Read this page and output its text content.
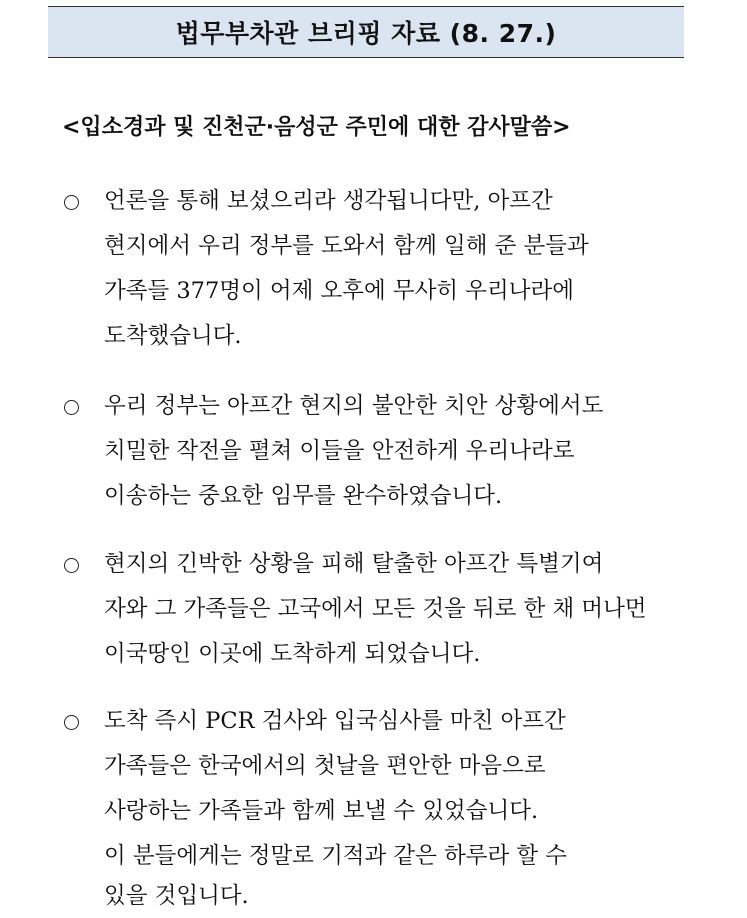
법무부차관 브리핑 자료 (8. 27.)
<입소경과 및 진천군·음성군 주민에 대한 감사말씀>
언론을 통해 보셨으리라 생각됩니다만, 아프간
현지에서 우리 정부를 도와서 함께 일해 준 분들과
가족들 377명이 어제 오후에 무사히 우리나라에
도착했습니다.
우리 정부는 아프간 현지의 불안한 치안 상황에서도
치밀한 작전을 펼쳐 이들을 안전하게 우리나라로
이송하는 중요한 임무를 완수하였습니다.
현지의 긴박한 상황을 피해 탈출한 아프간 특별기여
자와 그 가족들은 고국에서 모든 것을 뒤로 한 채 머나먼
이국땅인 이곳에 도착하게 되었습니다.
도착 즉시 PCR 검사와 입국심사를 마친 아프간
가족들은 한국에서의 첫날을 편안한 마음으로
사랑하는 가족들과 함께 보낼 수 있었습니다.
이 분들에게는 정말로 기적과 같은 하루라 할 수
있을 것입니다.
